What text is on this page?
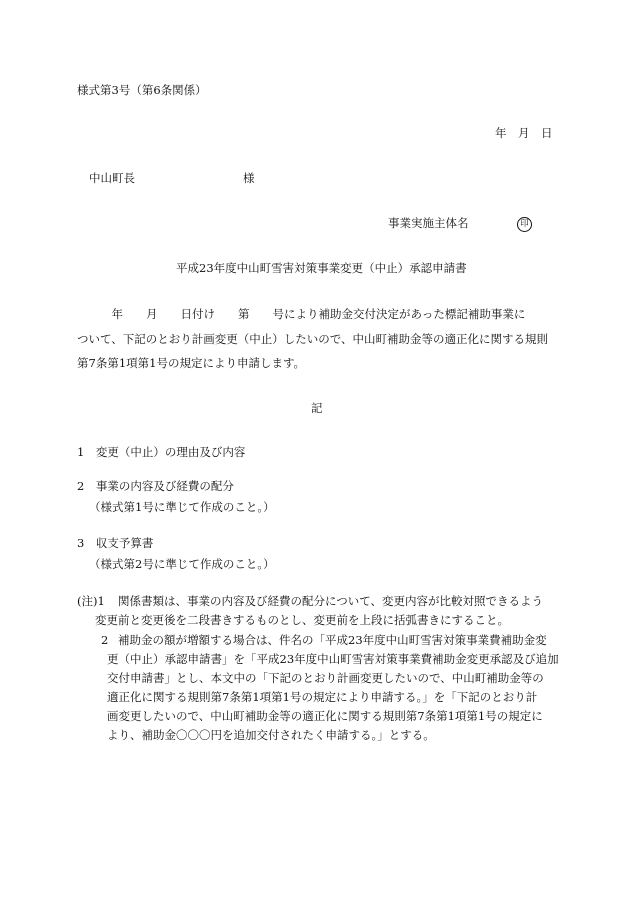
様式第3号（第6条関係）
年　月　日
中山町長	様
事業実施主体名	印
平成23年度中山町雪害対策事業変更（中止）承認申請書
　　　年　　月　　日付け　　第　　号により補助金交付決定があった標記補助事業に
ついて、下記のとおり計画変更（中止）したいので、中山町補助金等の適正化に関する規則
第7条第1項第1号の規定により申請します。
記
1　変更（中止）の理由及び内容
2　事業の内容及び経費の配分
（様式第1号に準じて作成のこと。）
3　収支予算書
（様式第2号に準じて作成のこと。）
(注)1 関係書類は、事業の内容及び経費の配分について、変更内容が比較対照できるよう
変更前と変更後を二段書きするものとし、変更前を上段に括弧書きにすること。
2 補助金の額が増額する場合は、件名の「平成23年度中山町雪害対策事業費補助金変
更（中止）承認申請書」を「平成23年度中山町雪害対策事業費補助金変更承認及び追加
交付申請書」とし、本文中の「下記のとおり計画変更したいので、中山町補助金等の
適正化に関する規則第7条第1項第1号の規定により申請する。」を「下記のとおり計
画変更したいので、中山町補助金等の適正化に関する規則第7条第1項第1号の規定に
より、補助金〇〇〇円を追加交付されたく申請する。」とする。
